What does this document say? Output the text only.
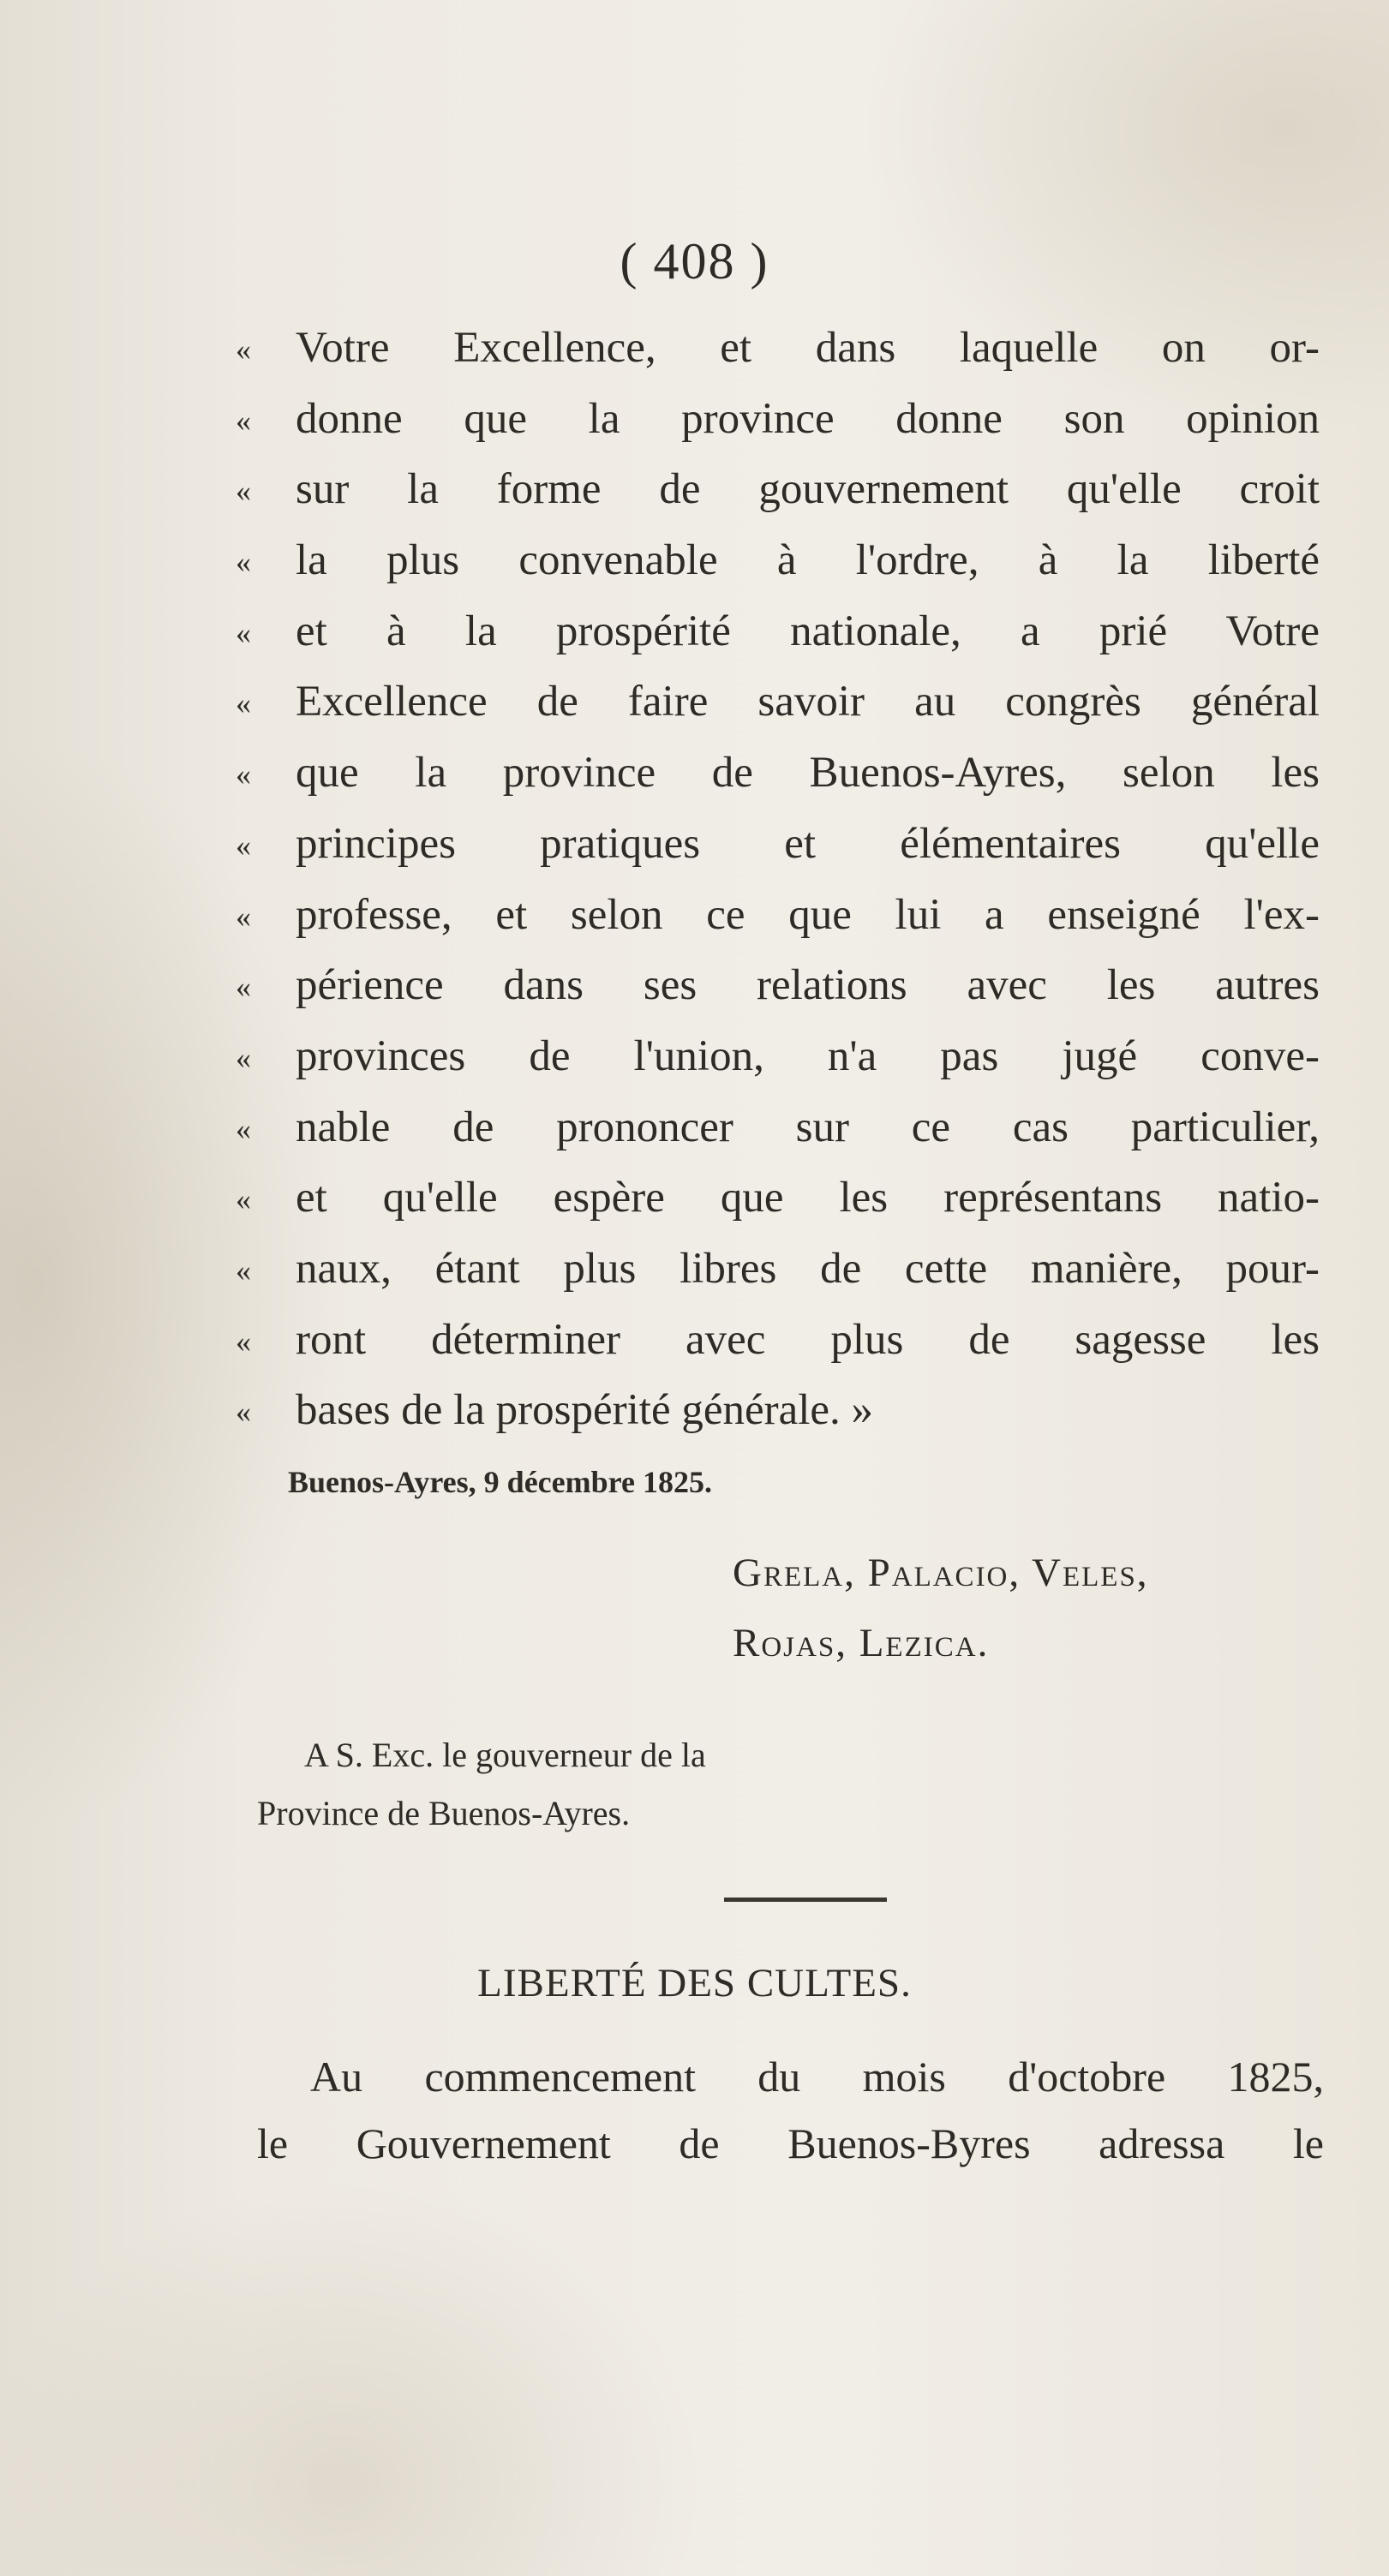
( 408 )
« Votre Excellence, et dans laquelle on or-
« donne que la province donne son opinion
« sur la forme de gouvernement qu'elle croit
« la plus convenable à l'ordre, à la liberté
« et à la prospérité nationale, a prié Votre
« Excellence de faire savoir au congrès général
« que la province de Buenos-Ayres, selon les
« principes pratiques et élémentaires qu'elle
« professe, et selon ce que lui a enseigné l'ex-
« périence dans ses relations avec les autres
« provinces de l'union, n'a pas jugé conve-
« nable de prononcer sur ce cas particulier,
« et qu'elle espère que les représentans natio-
« naux, étant plus libres de cette manière, pour-
« ront déterminer avec plus de sagesse les
« bases de la prospérité générale. »
Buenos-Ayres, 9 décembre 1825.
Grela, Palacio, Veles,
Rojas, Lezica.
A S. Exc. le gouverneur de la
Province de Buenos-Ayres.
LIBERTÉ DES CULTES.
Au commencement du mois d'octobre 1825,
le Gouvernement de Buenos-Byres adressa le
